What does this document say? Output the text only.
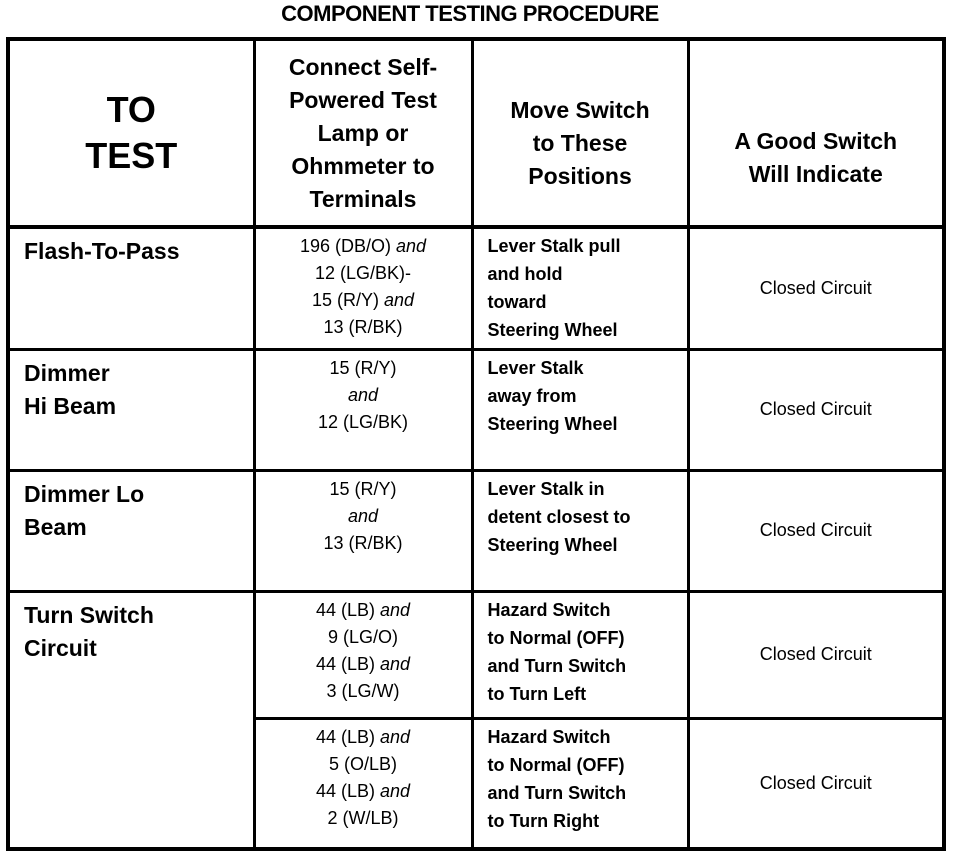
COMPONENT TESTING PROCEDURE
TO
TEST	Connect Self-
Powered Test
Lamp or
Ohmmeter to
Terminals	Move Switch
to These
Positions	A Good Switch
Will Indicate

Flash-To-Pass	196 (DB/O) and
12 (LG/BK)-
15 (R/Y) and
13 (R/BK)	Lever Stalk pull
and hold
toward
Steering Wheel	Closed Circuit

Dimmer
Hi Beam	15 (R/Y)
and
12 (LG/BK)	Lever Stalk
away from
Steering Wheel	Closed Circuit

Dimmer Lo
Beam	15 (R/Y)
and
13 (R/BK)	Lever Stalk in
detent closest to
Steering Wheel	Closed Circuit

Turn Switch
Circuit	44 (LB) and
9 (LG/O)
44 (LB) and
3 (LG/W)	Hazard Switch
to Normal (OFF)
and Turn Switch
to Turn Left	Closed Circuit

	44 (LB) and
5 (O/LB)
44 (LB) and
2 (W/LB)	Hazard Switch
to Normal (OFF)
and Turn Switch
to Turn Right	Closed Circuit
